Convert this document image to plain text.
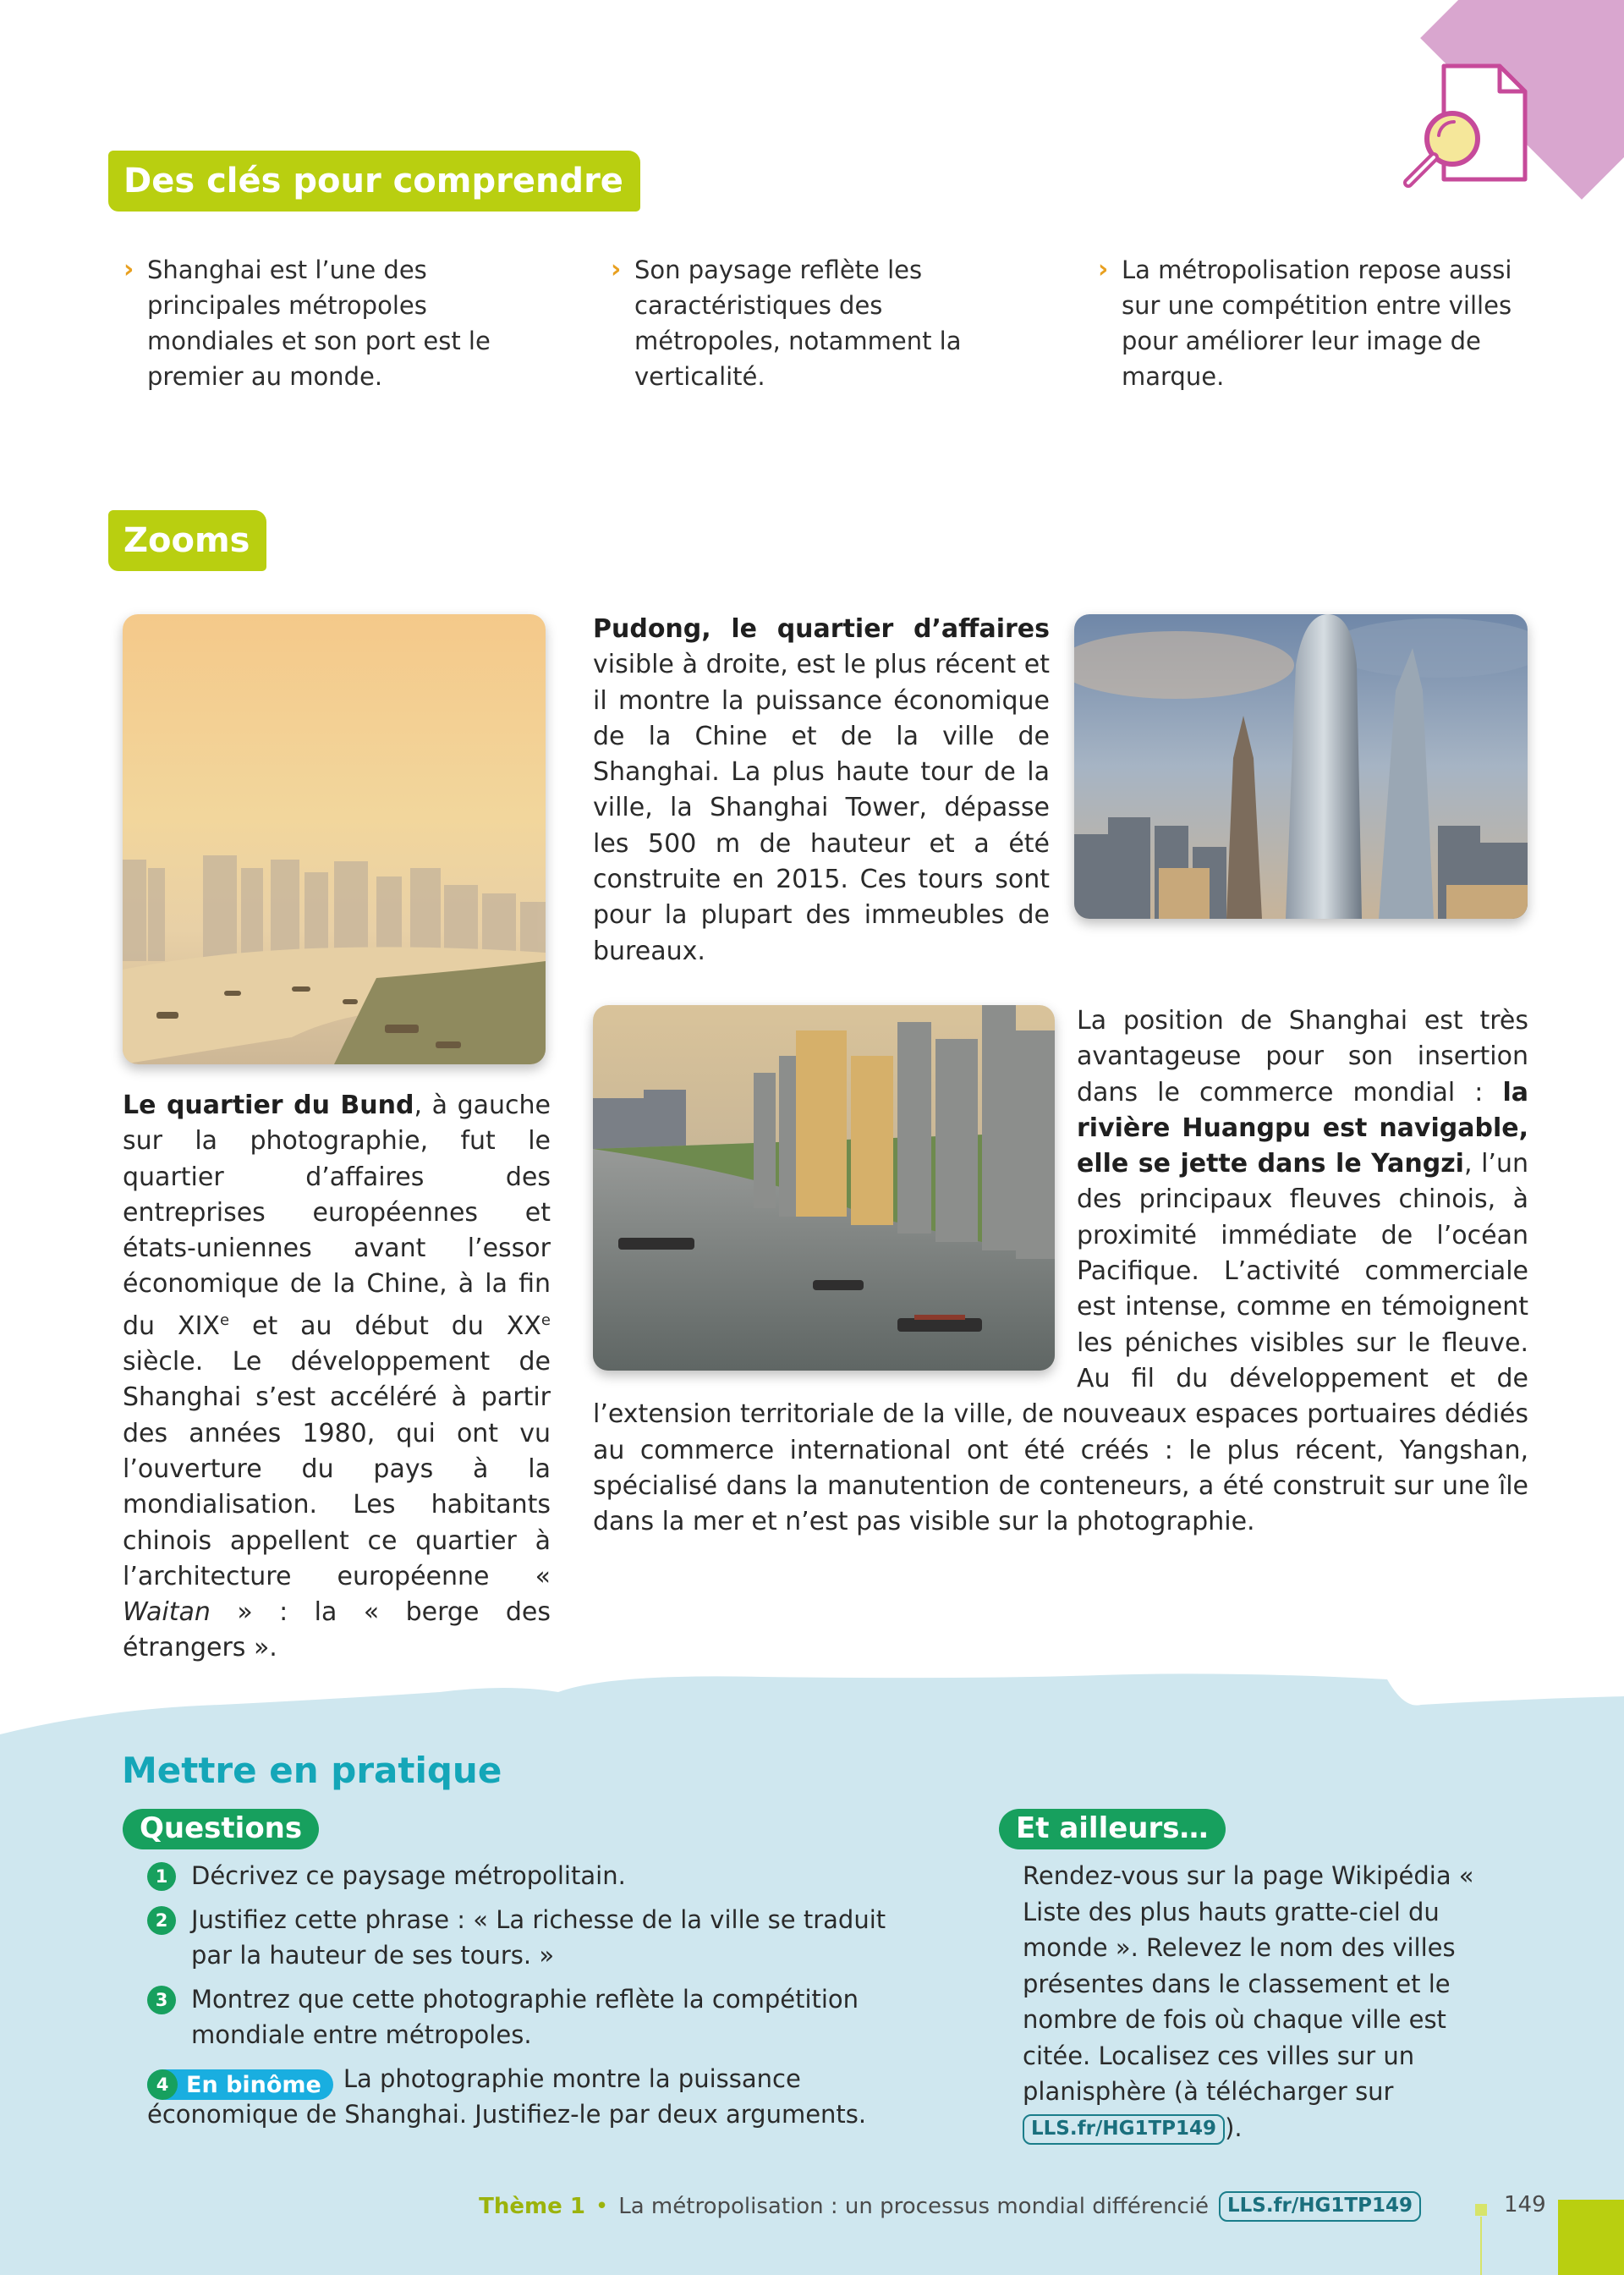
Des clés pour comprendre
› Shanghai est l’une des principales métropoles mondiales et son port est le premier au monde.
› Son paysage reflète les caractéristiques des métropoles, notamment la verticalité.
› La métropolisation repose aussi sur une compétition entre villes pour améliorer leur image de marque.
Zooms
Pudong, le quartier d’affaires visible à droite, est le plus récent et il montre la puissance économique de la Chine et de la ville de Shanghai. La plus haute tour de la ville, la Shanghai Tower, dépasse les 500 m de hauteur et a été construite en 2015. Ces tours sont pour la plupart des immeubles de bureaux.
Le quartier du Bund, à gauche sur la photographie, fut le quartier d’affaires des entreprises européennes et états-uniennes avant l’essor économique de la Chine, à la fin du XIXe et au début du XXe siècle. Le développement de Shanghai s’est accéléré à partir des années 1980, qui ont vu l’ouverture du pays à la mondialisation. Les habitants chinois appellent ce quartier à l’architecture européenne « Waitan » : la « berge des étrangers ».
La position de Shanghai est très avantageuse pour son insertion dans le commerce mondial : la rivière Huangpu est navigable, elle se jette dans le Yangzi, l’un des principaux fleuves chinois, à proximité immédiate de l’océan Pacifique. L’activité commerciale est intense, comme en témoignent les péniches visibles sur le fleuve. Au fil du développement et de l’extension territoriale de la ville, de nouveaux espaces portuaires dédiés au commerce international ont été créés : le plus récent, Yangshan, spécialisé dans la manutention de conteneurs, a été construit sur une île dans la mer et n’est pas visible sur la photographie.
Mettre en pratique
Questions	Et ailleurs…
1 Décrivez ce paysage métropolitain.
2 Justifiez cette phrase : « La richesse de la ville se traduit par la hauteur de ses tours. »
3 Montrez que cette photographie reflète la compétition mondiale entre métropoles.
4 En binôme La photographie montre la puissance
économique de Shanghai. Justifiez-le par deux arguments.
Rendez-vous sur la page Wikipédia « Liste des plus hauts gratte-ciel du monde ». Relevez le nom des villes présentes dans le classement et le nombre de fois où chaque ville est citée. Localisez ces villes sur un planisphère (à télécharger sur LLS.fr/HG1TP149 ).
Thème 1 • La métropolisation : un processus mondial différencié LLS.fr/HG1TP149	149
